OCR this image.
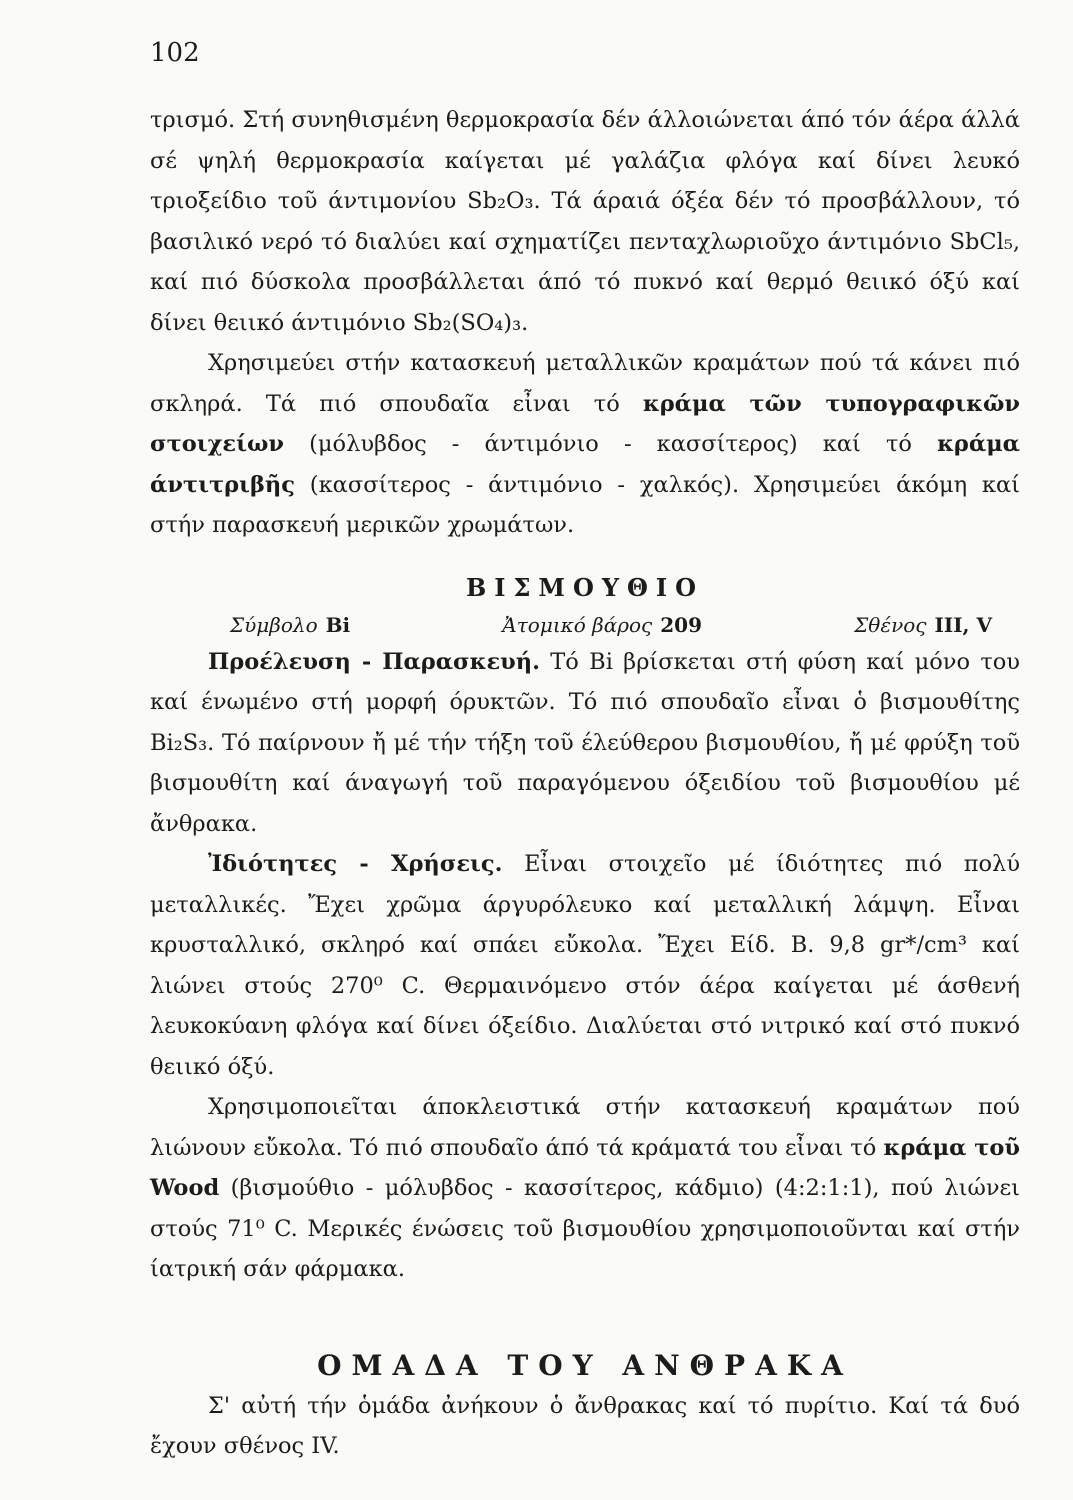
102

τρισμό. Στή συνηθισμένη θερμοκρασία δέν άλλοιώνεται άπό τόν άέρα άλλά σέ ψηλή θερμοκρασία καίγεται μέ γαλάζια φλόγα καί δίνει λευκό τριοξείδιο τοῦ άντιμονίου Sb₂O₃. Τά άραιά όξέα δέν τό προσβάλλουν, τό βασιλικό νερό τό διαλύει καί σχηματίζει πενταχλωριοῦχο άντιμόνιο SbCl₅, καί πιό δύσκολα προσβάλλεται άπό τό πυκνό καί θερμό θειικό όξύ καί δίνει θειικό άντιμόνιο Sb₂(SO₄)₃.

Χρησιμεύει στήν κατασκευή μεταλλικῶν κραμάτων πού τά κάνει πιό σκληρά. Τά πιό σπουδαῖα εἶναι τό κράμα τῶν τυπογραφικῶν στοιχείων (μόλυβδος - άντιμόνιο - κασσίτερος) καί τό κράμα άντιτριβῆς (κασσίτερος - άντιμόνιο - χαλκός). Χρησιμεύει άκόμη καί στήν παρασκευή μερικῶν χρωμάτων.

ΒΙΣΜΟΥΘΙΟ
Σύμβολο Bi	Ἀτομικό βάρος 209	Σθένος III, V

Προέλευση - Παρασκευή. Τό Bi βρίσκεται στή φύση καί μόνο του καί ένωμένο στή μορφή όρυκτῶν. Τό πιό σπουδαῖο εἶναι ὁ βισμουθίτης Bi₂S₃. Τό παίρνουν ἤ μέ τήν τήξη τοῦ έλεύθερου βισμουθίου, ἤ μέ φρύξη τοῦ βισμουθίτη καί άναγωγή τοῦ παραγόμενου όξειδίου τοῦ βισμουθίου μέ ἄνθρακα.

Ἰδιότητες - Χρήσεις. Εἶναι στοιχεῖο μέ ίδιότητες πιό πολύ μεταλλικές. Ἔχει χρῶμα άργυρόλευκο καί μεταλλική λάμψη. Εἶναι κρυσταλλικό, σκληρό καί σπάει εὔκολα. Ἔχει Είδ. Β. 9,8 gr*/cm³ καί λιώνει στούς 270⁰ C. Θερμαινόμενο στόν άέρα καίγεται μέ άσθενή λευκοκύανη φλόγα καί δίνει όξείδιο. Διαλύεται στό νιτρικό καί στό πυκνό θειικό όξύ.

Χρησιμοποιεῖται άποκλειστικά στήν κατασκευή κραμάτων πού λιώνουν εὔκολα. Τό πιό σπουδαῖο άπό τά κράματά του εἶναι τό κράμα τοῦ Wood (βισμούθιο - μόλυβδος - κασσίτερος, κάδμιο) (4:2:1:1), πού λιώνει στούς 71⁰ C. Μερικές ένώσεις τοῦ βισμουθίου χρησιμοποιοῦνται καί στήν ίατρική σάν φάρμακα.

ΟΜΑΔΑ ΤΟΥ ΑΝΘΡΑΚΑ

Σ' αὐτή τήν ὁμάδα ἀνήκουν ὁ ἄνθρακας καί τό πυρίτιο. Καί τά δυό ἔχουν σθένος IV.
